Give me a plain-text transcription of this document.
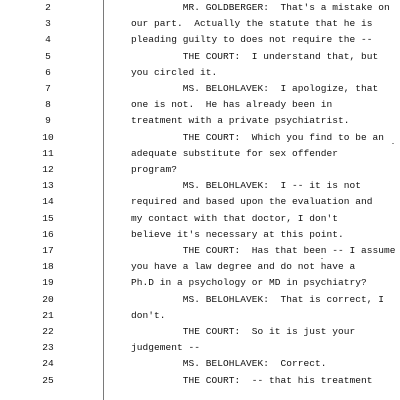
2	MR. GOLDBERGER:  That's a mistake on
3	our part.  Actually the statute that he is
4	pleading guilty to does not require the --
5	THE COURT:  I understand that, but
6	you circled it.
7	MS. BELOHLAVEK:  I apologize, that
8	one is not.  He has already been in
9	treatment with a private psychiatrist.
10	THE COURT:  Which you find to be an
11	adequate substitute for sex offender
12	program?
13	MS. BELOHLAVEK:  I -- it is not
14	required and based upon the evaluation and
15	my contact with that doctor, I don't
16	believe it's necessary at this point.
17	THE COURT:  Has that been -- I assume
18	you have a law degree and do not have a
19	Ph.D in a psychology or MD in psychiatry?
20	MS. BELOHLAVEK:  That is correct, I
21	don't.
22	THE COURT:  So it is just your
23	judgement --
24	MS. BELOHLAVEK:  Correct.
25	THE COURT:  -- that his treatment
